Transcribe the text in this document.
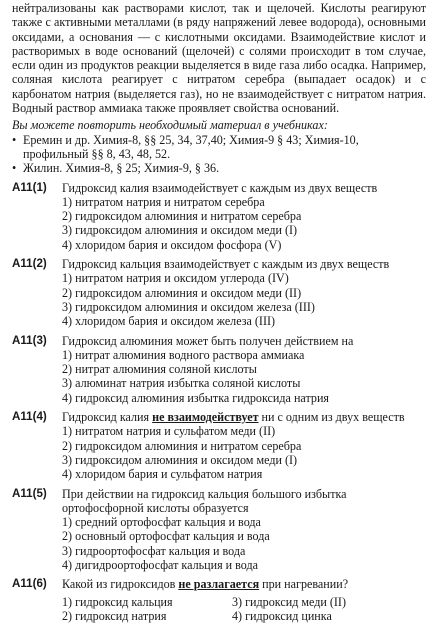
нейтрализованы как растворами кислот, так и щелочей. Кислоты реагируют также с активными металлами (в ряду напряжений левее водорода), основными оксидами, а основания — с кислотными оксидами. Взаимодействие кислот и растворимых в воде оснований (щелочей) с солями происходит в том случае, если один из продуктов реакции выделяется в виде газа либо осадка. Например, соляная кислота реагирует с нитратом серебра (выпадает осадок) и с карбонатом натрия (выделяется газ), но не взаимодействует с нитратом натрия. Водный раствор аммиака также проявляет свойства оснований.

Вы можете повторить необходимый материал в учебниках:
• Еремин и др. Химия-8, §§ 25, 34, 37,40; Химия-9 § 43; Химия-10, профильный §§ 8, 43, 48, 52.
• Жилин. Химия-8, § 25; Химия-9, § 36.
А11(1) Гидроксид калия взаимодействует с каждым из двух веществ
1) нитратом натрия и нитратом серебра
2) гидроксидом алюминия и нитратом серебра
3) гидроксидом алюминия и оксидом меди (I)
4) хлоридом бария и оксидом фосфора (V)
А11(2) Гидроксид кальция взаимодействует с каждым из двух веществ
1) нитратом натрия и оксидом углерода (IV)
2) гидроксидом алюминия и оксидом меди (II)
3) гидроксидом алюминия и оксидом железа (III)
4) хлоридом бария и оксидом железа (III)
А11(3) Гидроксид алюминия может быть получен действием на
1) нитрат алюминия водного раствора аммиака
2) нитрат алюминия соляной кислоты
3) алюминат натрия избытка соляной кислоты
4) гидроксид алюминия избытка гидроксида натрия
А11(4) Гидроксид калия не взаимодействует ни с одним из двух веществ
1) нитратом натрия и сульфатом меди (II)
2) гидроксидом алюминия и нитратом серебра
3) гидроксидом алюминия и оксидом меди (I)
4) хлоридом бария и сульфатом натрия
А11(5) При действии на гидроксид кальция большого избытка ортофосфорной кислоты образуется
1) средний ортофосфат кальция и вода
2) основный ортофосфат кальция и вода
3) гидроортофосфат кальция и вода
4) дигидроортофосфат кальция и вода
А11(6) Какой из гидроксидов не разлагается при нагревании?
1) гидроксид кальция	3) гидроксид меди (II)
2) гидроксид натрия	4) гидроксид цинка
